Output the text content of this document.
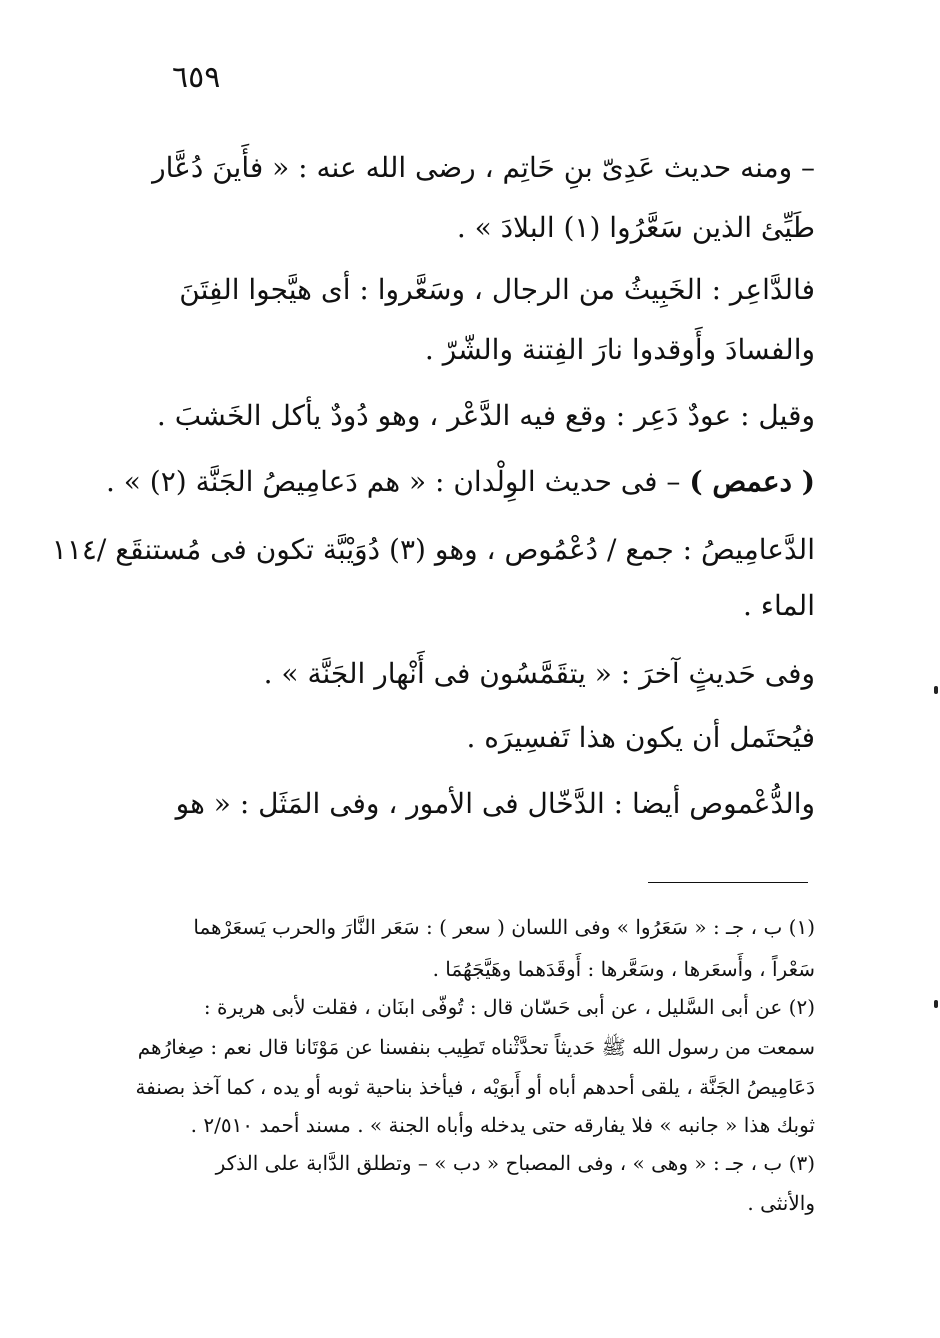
٦٥٩
– ومنه حديث عَدِىّ بنِ حَاتِم ، رضى الله عنه : « فأَينَ دُعَّار
طَيِّئ الذين سَعَّرُوا (١) البلادَ » .
فالدَّاعِر : الخَبِيثُ من الرجال ، وسَعَّروا : أى هيَّجوا الفِتَنَ
والفسادَ وأَوقدوا نارَ الفِتنة والشّرّ .
وقيل : عودٌ دَعِر : وقع فيه الدَّعْر ، وهو دُودٌ يأكل الخَشبَ .
( دعمص ) – فى حديث الوِلْدان : « هم دَعامِيصُ الجَنَّة (٢) » .
الدَّعامِيصُ : جمع / دُعْمُوص ، وهو (٣) دُوَيْبَّة تكون فى مُستنقَع /١١٤
الماء .
وفى حَديثٍ آخرَ : « يتقَمَّسُون فى أَنْهار الجَنَّة » .
فيُحتَمل أن يكون هذا تَفسِيرَه .
والدُّعْموص أيضا : الدَّخّال فى الأمور ، وفى المَثَل : « هو
(١) ب ، جـ : « سَعَرُوا » وفى اللسان ( سعر ) : سَعَر النَّارَ والحرب يَسعَرْهما
سَعْراً ، وأَسعَرها ، وسَعَّرها : أَوقَدَهما وهَيَّجَهُمَا .
(٢) عن أبى السَّليل ، عن أبى حَسّان قال : تُوفّى ابنَان ، فقلت لأبى هريرة :
سمعت من رسول الله ﷺ حَديثاً تحدَّثْناه تَطِيب بنفسنا عن مَوْتَانا قال نعم : صِغارُهم
دَعَامِيصُ الجَنَّة ، يلقى أحدهم أباه أو أَبوَيْه ، فيأخذ بناحية ثوبه أو يده ، كما آخذ بصنفة
ثوبك هذا « جانبه » فلا يفارقه حتى يدخله وأباه الجنة » . مسند أحمد ٢/٥١٠ .
(٣) ب ، جـ : « وهى » ، وفى المصباح « دب » – وتطلق الدَّابة على الذكر
والأنثى .
